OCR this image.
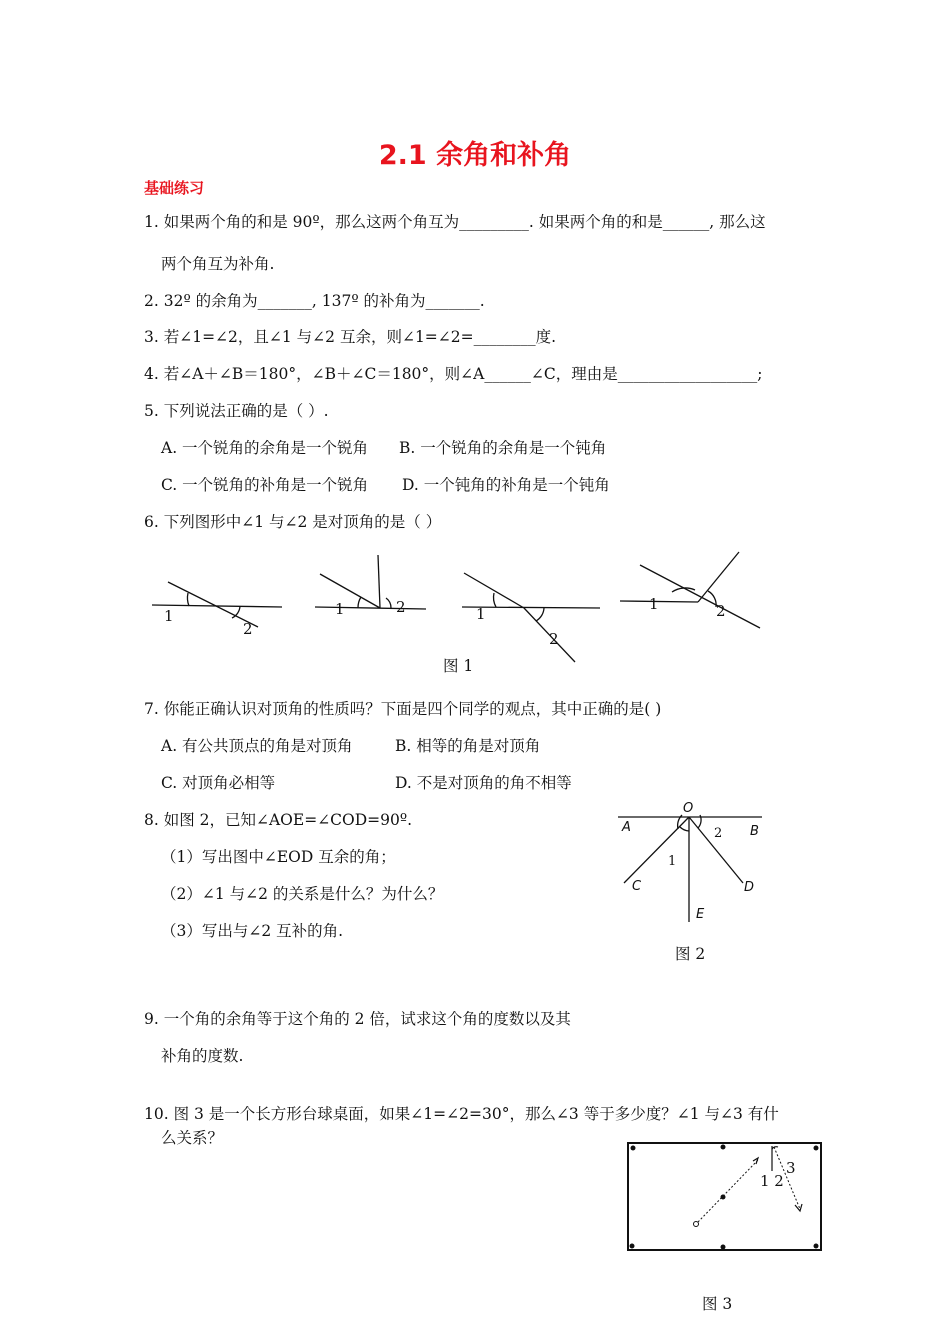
2.1 余角和补角
基础练习
1. 如果两个角的和是 90º，那么这两个角互为_________. 如果两个角的和是______, 那么这
两个角互为补角.
2. 32º 的余角为_______, 137º 的补角为_______.
3. 若∠1=∠2，且∠1 与∠2 互余，则∠1=∠2=________度.
4. 若∠A＋∠B＝180°，∠B＋∠C＝180°，则∠A______∠C，理由是__________________;
5. 下列说法正确的是（ ）.
A. 一个锐角的余角是一个锐角 B. 一个锐角的余角是一个钝角
C. 一个锐角的补角是一个锐角 D. 一个钝角的补角是一个钝角
6. 下列图形中∠1 与∠2 是对顶角的是（ ）
1
2
1	2	1
2
1	2
图 1
7. 你能正确认识对顶角的性质吗？下面是四个同学的观点，其中正确的是( )
A. 有公共顶点的角是对顶角	B. 相等的角是对顶角
C. 对顶角必相等	D. 不是对顶角的角不相等
8. 如图 2，已知∠AOE=∠COD=90º.
（1）写出图中∠EOD 互余的角；
（2）∠1 与∠2 的关系是什么？为什么？
（3）写出与∠2 互补的角.
O
A	B
C	D
E
1
2
图 2
9. 一个角的余角等于这个角的 2 倍，试求这个角的度数以及其
补角的度数.
10. 图 3 是一个长方形台球桌面，如果∠1=∠2=30°，那么∠3 等于多少度？∠1 与∠3 有什
么关系？
3
1 2
图 3
